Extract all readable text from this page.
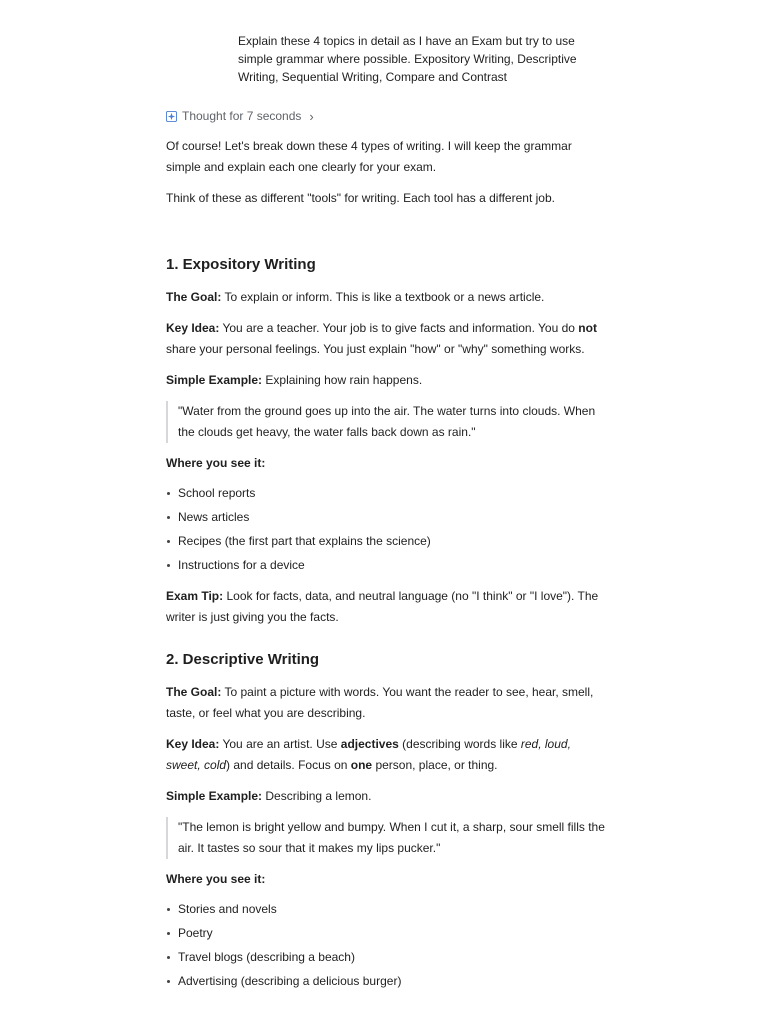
Explain these 4 topics in detail as I have an Exam but try to use simple grammar where possible. Expository Writing, Descriptive Writing, Sequential Writing, Compare and Contrast
Thought for 7 seconds ›

Of course! Let's break down these 4 types of writing. I will keep the grammar simple and explain each one clearly for your exam.

Think of these as different "tools" for writing. Each tool has a different job.

1. Expository Writing

The Goal: To explain or inform. This is like a textbook or a news article.

Key Idea: You are a teacher. Your job is to give facts and information. You do not share your personal feelings. You just explain "how" or "why" something works.

Simple Example: Explaining how rain happens.

"Water from the ground goes up into the air. The water turns into clouds. When the clouds get heavy, the water falls back down as rain."

Where you see it:

School reports
News articles
Recipes (the first part that explains the science)
Instructions for a device

Exam Tip: Look for facts, data, and neutral language (no "I think" or "I love"). The writer is just giving you the facts.

2. Descriptive Writing

The Goal: To paint a picture with words. You want the reader to see, hear, smell, taste, or feel what you are describing.

Key Idea: You are an artist. Use adjectives (describing words like red, loud, sweet, cold) and details. Focus on one person, place, or thing.

Simple Example: Describing a lemon.

"The lemon is bright yellow and bumpy. When I cut it, a sharp, sour smell fills the air. It tastes so sour that it makes my lips pucker."

Where you see it:

Stories and novels
Poetry
Travel blogs (describing a beach)
Advertising (describing a delicious burger)
